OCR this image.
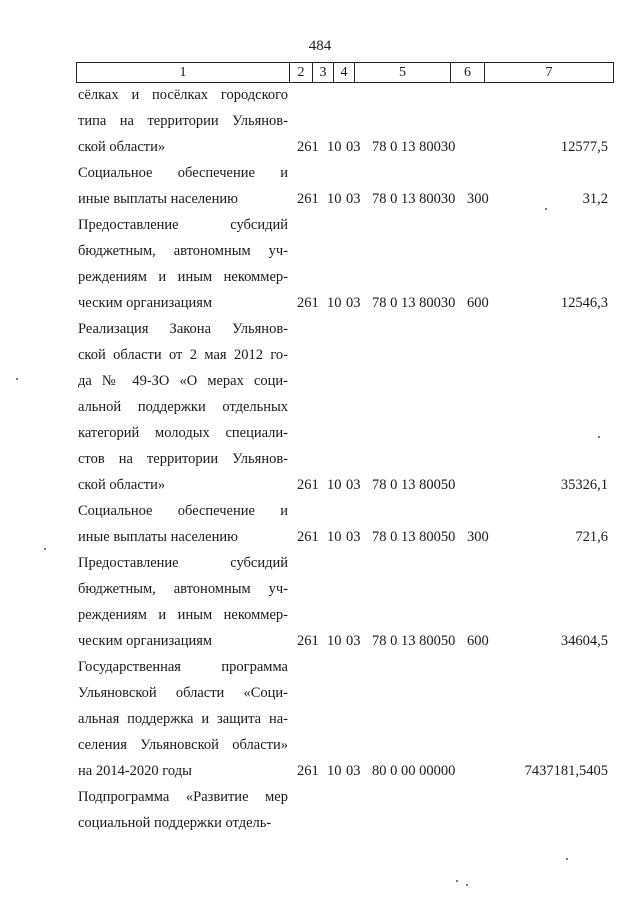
484
1	2	3	4	5	6	7
сёлках и посёлках городского
типа на территории Ульянов-
ской области»	261 10 03 78 0 13 80030	12577,5
Социальное обеспечение и
иные выплаты населению	261 10 03 78 0 13 80030 300	31,2
Предоставление субсидий
бюджетным, автономным уч-
реждениям и иным некоммер-
ческим организациям	261 10 03 78 0 13 80030 600	12546,3
Реализация Закона Ульянов-
ской области от 2 мая 2012 го-
да № 49-ЗО «О мерах соци-
альной поддержки отдельных
категорий молодых специали-
стов на территории Ульянов-
ской области»	261 10 03 78 0 13 80050	35326,1
Социальное обеспечение и
иные выплаты населению	261 10 03 78 0 13 80050 300	721,6
Предоставление субсидий
бюджетным, автономным уч-
реждениям и иным некоммер-
ческим организациям	261 10 03 78 0 13 80050 600	34604,5
Государственная программа
Ульяновской области «Соци-
альная поддержка и защита на-
селения Ульяновской области»
на 2014-2020 годы	261 10 03 80 0 00 00000	7437181,5405
Подпрограмма «Развитие мер
социальной поддержки отдель-
